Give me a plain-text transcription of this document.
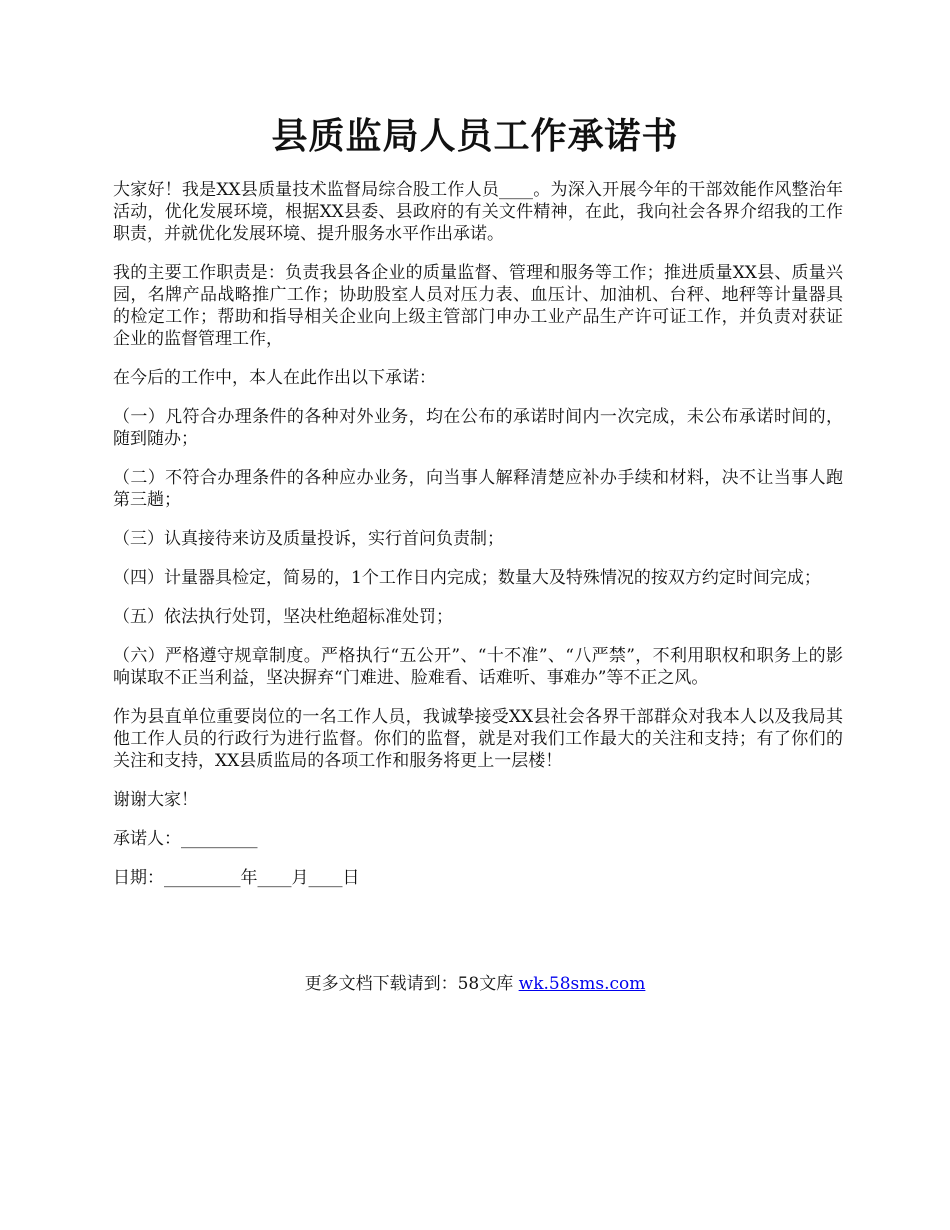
县质监局人员工作承诺书

大家好！我是XX县质量技术监督局综合股工作人员____。为深入开展今年的干部效能作风整治年活动，优化发展环境，根据XX县委、县政府的有关文件精神，在此，我向社会各界介绍我的工作职责，并就优化发展环境、提升服务水平作出承诺。

我的主要工作职责是：负责我县各企业的质量监督、管理和服务等工作；推进质量XX县、质量兴园，名牌产品战略推广工作；协助股室人员对压力表、血压计、加油机、台秤、地秤等计量器具的检定工作；帮助和指导相关企业向上级主管部门申办工业产品生产许可证工作，并负责对获证企业的监督管理工作，

在今后的工作中，本人在此作出以下承诺：

（一）凡符合办理条件的各种对外业务，均在公布的承诺时间内一次完成，未公布承诺时间的，随到随办；

（二）不符合办理条件的各种应办业务，向当事人解释清楚应补办手续和材料，决不让当事人跑第三趟；

（三）认真接待来访及质量投诉，实行首问负责制；

（四）计量器具检定，简易的，1个工作日内完成；数量大及特殊情况的按双方约定时间完成；

（五）依法执行处罚，坚决杜绝超标准处罚；

（六）严格遵守规章制度。严格执行“五公开”、“十不准”、“八严禁”，不利用职权和职务上的影响谋取不正当利益，坚决摒弃“门难进、脸难看、话难听、事难办”等不正之风。

作为县直单位重要岗位的一名工作人员，我诚挚接受XX县社会各界干部群众对我本人以及我局其他工作人员的行政行为进行监督。你们的监督，就是对我们工作最大的关注和支持；有了你们的关注和支持，XX县质监局的各项工作和服务将更上一层楼！

谢谢大家！

承诺人：_________

日期：_________年____月____日

更多文档下载请到：58文库 wk.58sms.com
